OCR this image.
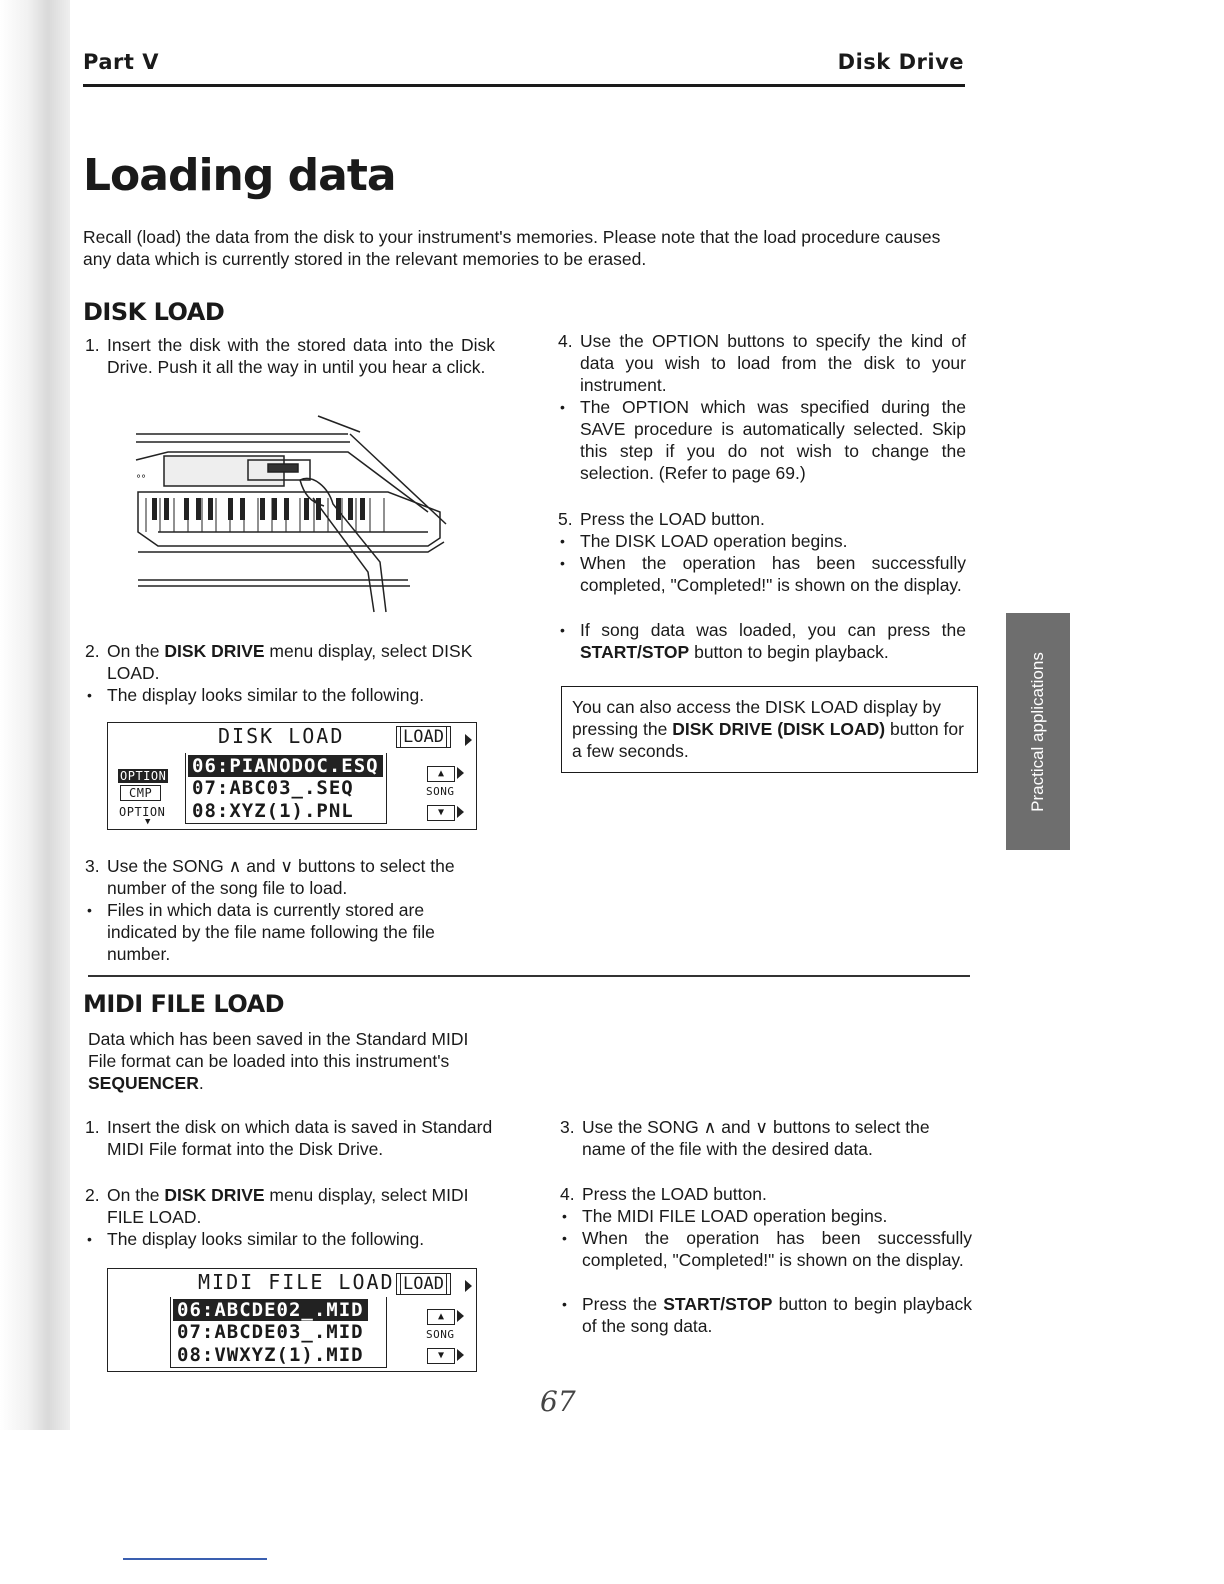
Part V	Disk Drive
Loading data

Recall (load) the data from the disk to your instrument's memories. Please note that the load procedure causes any data which is currently stored in the relevant memories to be erased.

DISK LOAD
1. Insert the disk with the stored data into the Disk Drive. Push it all the way in until you hear a click.
°°
2. On the DISK DRIVE menu display, select DISK LOAD.
• The display looks similar to the following.
DISK LOAD	LOAD
06:PIANODOC.ESQ
07:ABC03_.SEQ
08:XYZ(1).PNL
OPTION
CMP
OPTION
▼
▲
SONG
▼
3. Use the SONG ∧ and ∨ buttons to select the number of the song file to load.
• Files in which data is currently stored are indicated by the file name following the file number.
4. Use the OPTION buttons to specify the kind of data you wish to load from the disk to your instrument.
• The OPTION which was specified during the SAVE procedure is automatically selected. Skip this step if you do not wish to change the selection. (Refer to page 69.)
5. Press the LOAD button.
• The DISK LOAD operation begins.
• When the operation has been successfully completed, "Completed!" is shown on the display.
• If song data was loaded, you can press the START/STOP button to begin playback.
You can also access the DISK LOAD display by pressing the DISK DRIVE (DISK LOAD) button for a few seconds.	Practical applications
MIDI FILE LOAD

Data which has been saved in the Standard MIDI File format can be loaded into this instrument's SEQUENCER.

1. Insert the disk on which data is saved in Standard MIDI File format into the Disk Drive.
2. On the DISK DRIVE menu display, select MIDI FILE LOAD.
• The display looks similar to the following.
MIDI FILE LOAD LOAD
06:ABCDE02_.MID
07:ABCDE03_.MID
08:VWXYZ(1).MID
▲
SONG
▼
3. Use the SONG ∧ and ∨ buttons to select the name of the file with the desired data.
4. Press the LOAD button.
• The MIDI FILE LOAD operation begins.
• When the operation has been successfully completed, "Completed!" is shown on the display.
• Press the START/STOP button to begin playback of the song data.
67
